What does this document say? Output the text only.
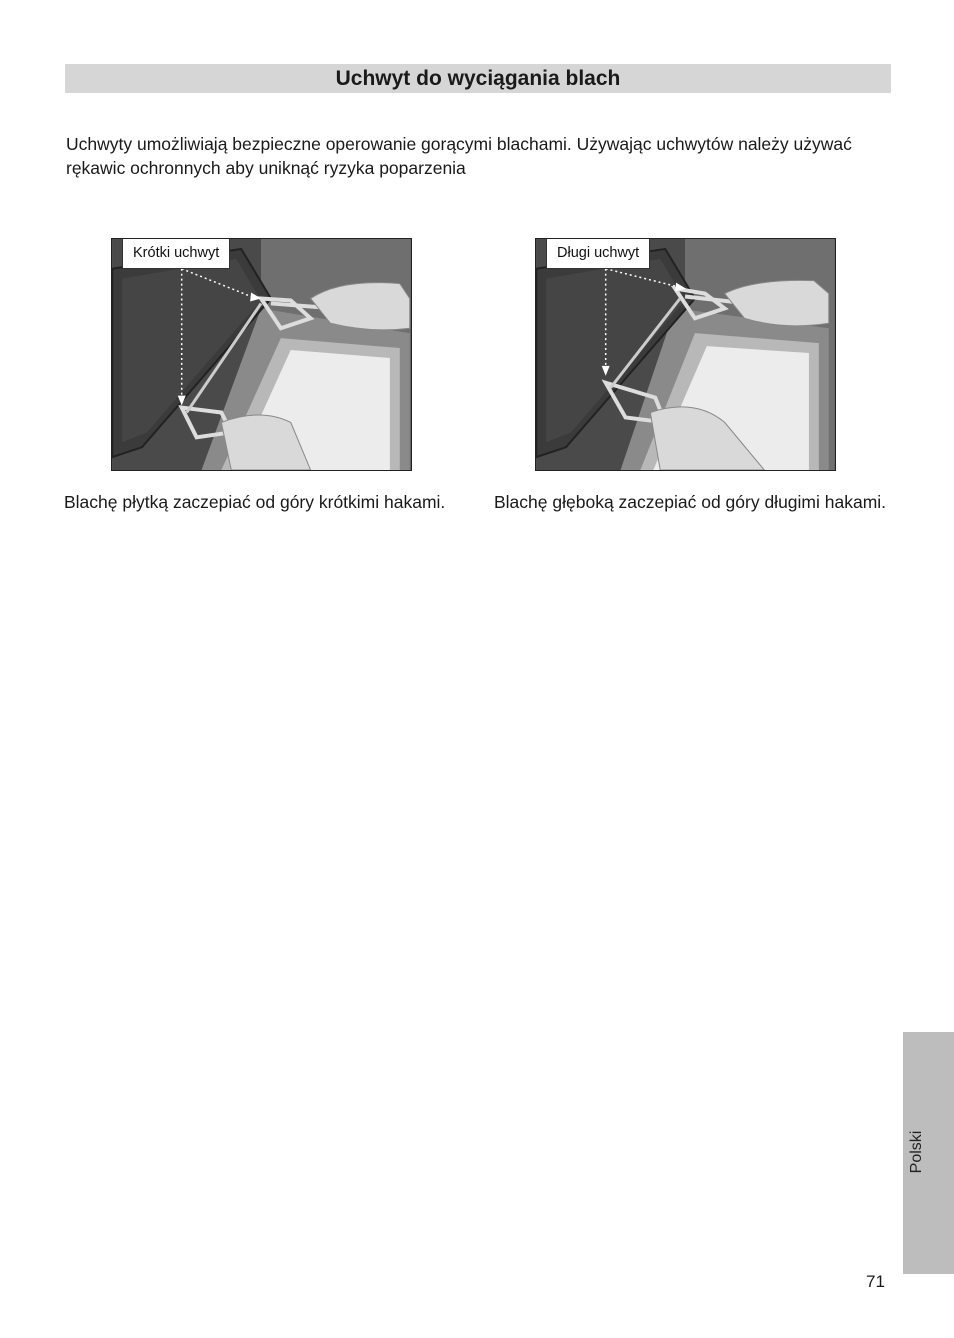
Uchwyt do wyciągania blach

Uchwyty umożliwiają bezpieczne operowanie gorącymi blachami. Używając uchwytów należy używać rękawic ochronnych aby uniknąć ryzyka poparzenia

Krótki uchwyt	Długi uchwyt

Blachę płytką zaczepiać od góry krótkimi hakami.	Blachę głęboką zaczepiać od góry długimi hakami.

Polski
71
